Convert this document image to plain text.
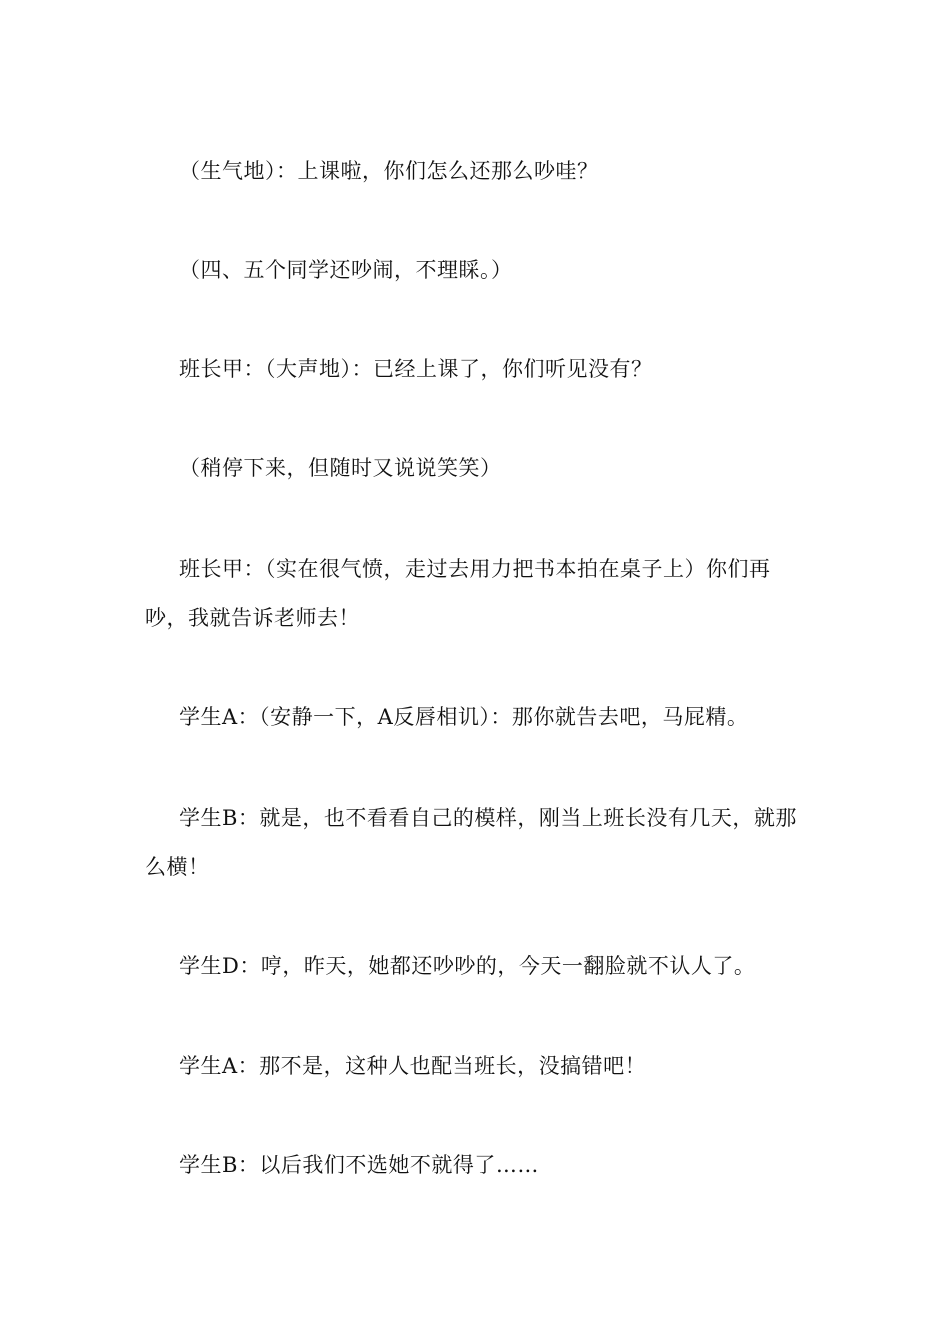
（生气地）：上课啦，你们怎么还那么吵哇？

（四、五个同学还吵闹，不理睬。）

班长甲：（大声地）：已经上课了，你们听见没有？

（稍停下来，但随时又说说笑笑）

班长甲：（实在很气愤，走过去用力把书本拍在桌子上）你们再吵，我就告诉老师去！

学生A：（安静一下，A反唇相讥）：那你就告去吧，马屁精。

学生B：就是，也不看看自己的模样，刚当上班长没有几天，就那么横！

学生D：哼，昨天，她都还吵吵的，今天一翻脸就不认人了。

学生A：那不是，这种人也配当班长，没搞错吧！

学生B：以后我们不选她不就得了……
